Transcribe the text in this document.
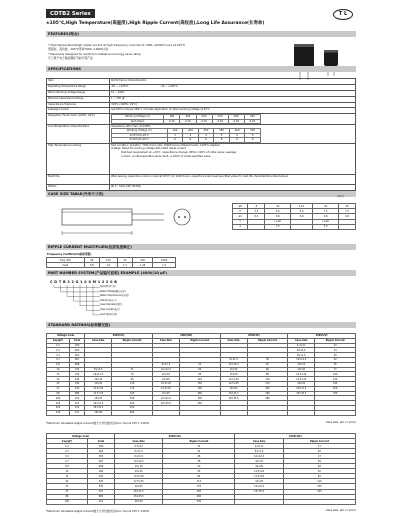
CDTB2 Series	T L
±105℃,High Temperature(高温度),High Ripple Current(高纹波),Long Life Assurance(长寿命)
FEATURES(特点)
* High temperature/high ripple current at high frequency, load life of 7000~10000 hours at 105℃
低阻抗、高纹波、105℃寿命7000~10000小时
* Especially designed for electronic ballast and energy saver lamp
专门用于电子镇流器和节能灯等产品
SPECIFICATIONS
Item	Performance Characteristics
Operating Temperature Range	-40 ~ +105℃	-25 ~ +105℃
Rated Working Voltage Range	10 ~ 450V
Nominal Capacitance Range	1 ~ 330 μF
Capacitance Tolerance	±20% (120Hz, 20℃)
Leakage Current	I≤0.03CV+10(μA) After 1 minutes application of rated working voltage at 20℃
Dissipation Factor tanδ (120Hz, 20℃)		Working Voltage (V)	160	200	250	350	400	450
tanδ (Max)	0.15	0.15	0.15	0.20	0.20	0.20

Low Temperature Characteristics	Impedance ratio max. at 120Hz
Working Voltage (V)	160	200	250	350	400	450
Z-25℃/Z+20℃	3	3	3	5	5	5
Z-40℃/Z+20℃	6	6	6	8	8	8

High Temperature Loading	Test condition: Duration: 7000 hours Life: 10000 hours Ambient temp: ±105℃ Applied voltage: Rated DC working voltage with rated ripple current
Post-test requirement at +20℃: Capacitance change: Within ±20% of initial value; Leakage current: ≤ initial specified value; tanδ: ≤ 200% of initial specified value

Shelf Life	After leaving capacitors under no load at 105℃ for 1000 hours, capacitors shall meet specified value for load life characteristics listed above.
Others	JIS C - 5101 (IEC 60384)
CASE SIZE TABLE(外形尺寸表)
φD	8	10	12.5	16	18
P	3.5	5.0	5.0	7.5	7.5
φd	0.6	0.6	0.6	0.8	0.8
L		L<20		L≥20	
α		1.5		2.0	
(mm)
RIPPLE CURRENT MULTIPLIER(纹波电流修正)
Frequency Coefficient(频率系数)
Freq.(Hz)	50	120	1K	10K	100K
Coef.	0.8	1.0	1.3	1.45	1.5
PART NUMBER SYSTEM(产品编号说明) EXAMPLE (400V/10 μF)
C D T B 2 2 G 1 0 0 M 1 2 2 0 B
Type(型号代号)
Rated Voltage(额定电压)
Rated Capacitance(电容量)
Tolerance(允差)
Case Diameter(直径)
Case Length(长度)
Lead Type(引线)
STANDARD RATINGS(标准额定值)
Voltage Code		160V(2C)		200V(2D)		250V(2E)		350V(2V)	
Cap(μF)	Code	Case Size	Ripple Current	Case Size	Ripple Current	Case Size	Ripple Current	Case Size	Ripple Current
1.0	1R0							6.3×11	13
2.2	2R2							8×11.5	24
3.3	3R3							8×11.5	30
4.7	4R7					8×11.5	36	10×12.5	42
6.8	6R8			8×11.5	43	10×12.5	50	10×16	55
10	100	8×11.5	51	10×12.5	60	10×16	66	10×20	72
15	150	10×12.5	70	10×16	80	10×20	88	12.5×20	100
22	220	10×16	95	10×20	110	12.5×20	125	12.5×25	140
33	330	10×20	130	12.5×20	150	12.5×25	170	16×25	195
47	470	12.5×20	170	12.5×25	195	16×25	220	16×31.5	250
68	680	12.5×25	225	16×25	260	16×31.5	290	18×35.5	330
100	101	16×25	300	16×31.5	340	18×35.5	380		
150	151	16×31.5	400	18×35.5	450				
220	221	18×35.5	520						
330	331	18×40	650						
*Maximum Allowable Ripple Current(最大允许纹波电流)(mA rms) at 105℃ 120Hz	Case Size: φD × L(mm)
Voltage Code		400V(2G)		450V(2W)	
Cap(μF)	Code	Case Size	Ripple Current	Case Size	Ripple Current
1.0	1R0	6.3×11	12	6.3×11	11
2.2	2R2	8×11.5	22	8×11.5	20
3.3	3R3	8×11.5	28	10×12.5	27
4.7	4R7	10×12.5	38	10×16	36
6.8	6R8	10×16	50	10×20	48
10	100	10×20	65	12.5×20	62
15	150	12.5×20	85	12.5×25	82
22	220	12.5×25	115	16×25	110
33	330	16×25	155	16×31.5	150
47	470	16×31.5	200	18×35.5	195
68	680	18×35.5	260		
100	101	18×40	330		
*Maximum Allowable Ripple Current(最大允许纹波电流)(mA rms) at 105℃ 120Hz	Case Size: φD × L(mm)
